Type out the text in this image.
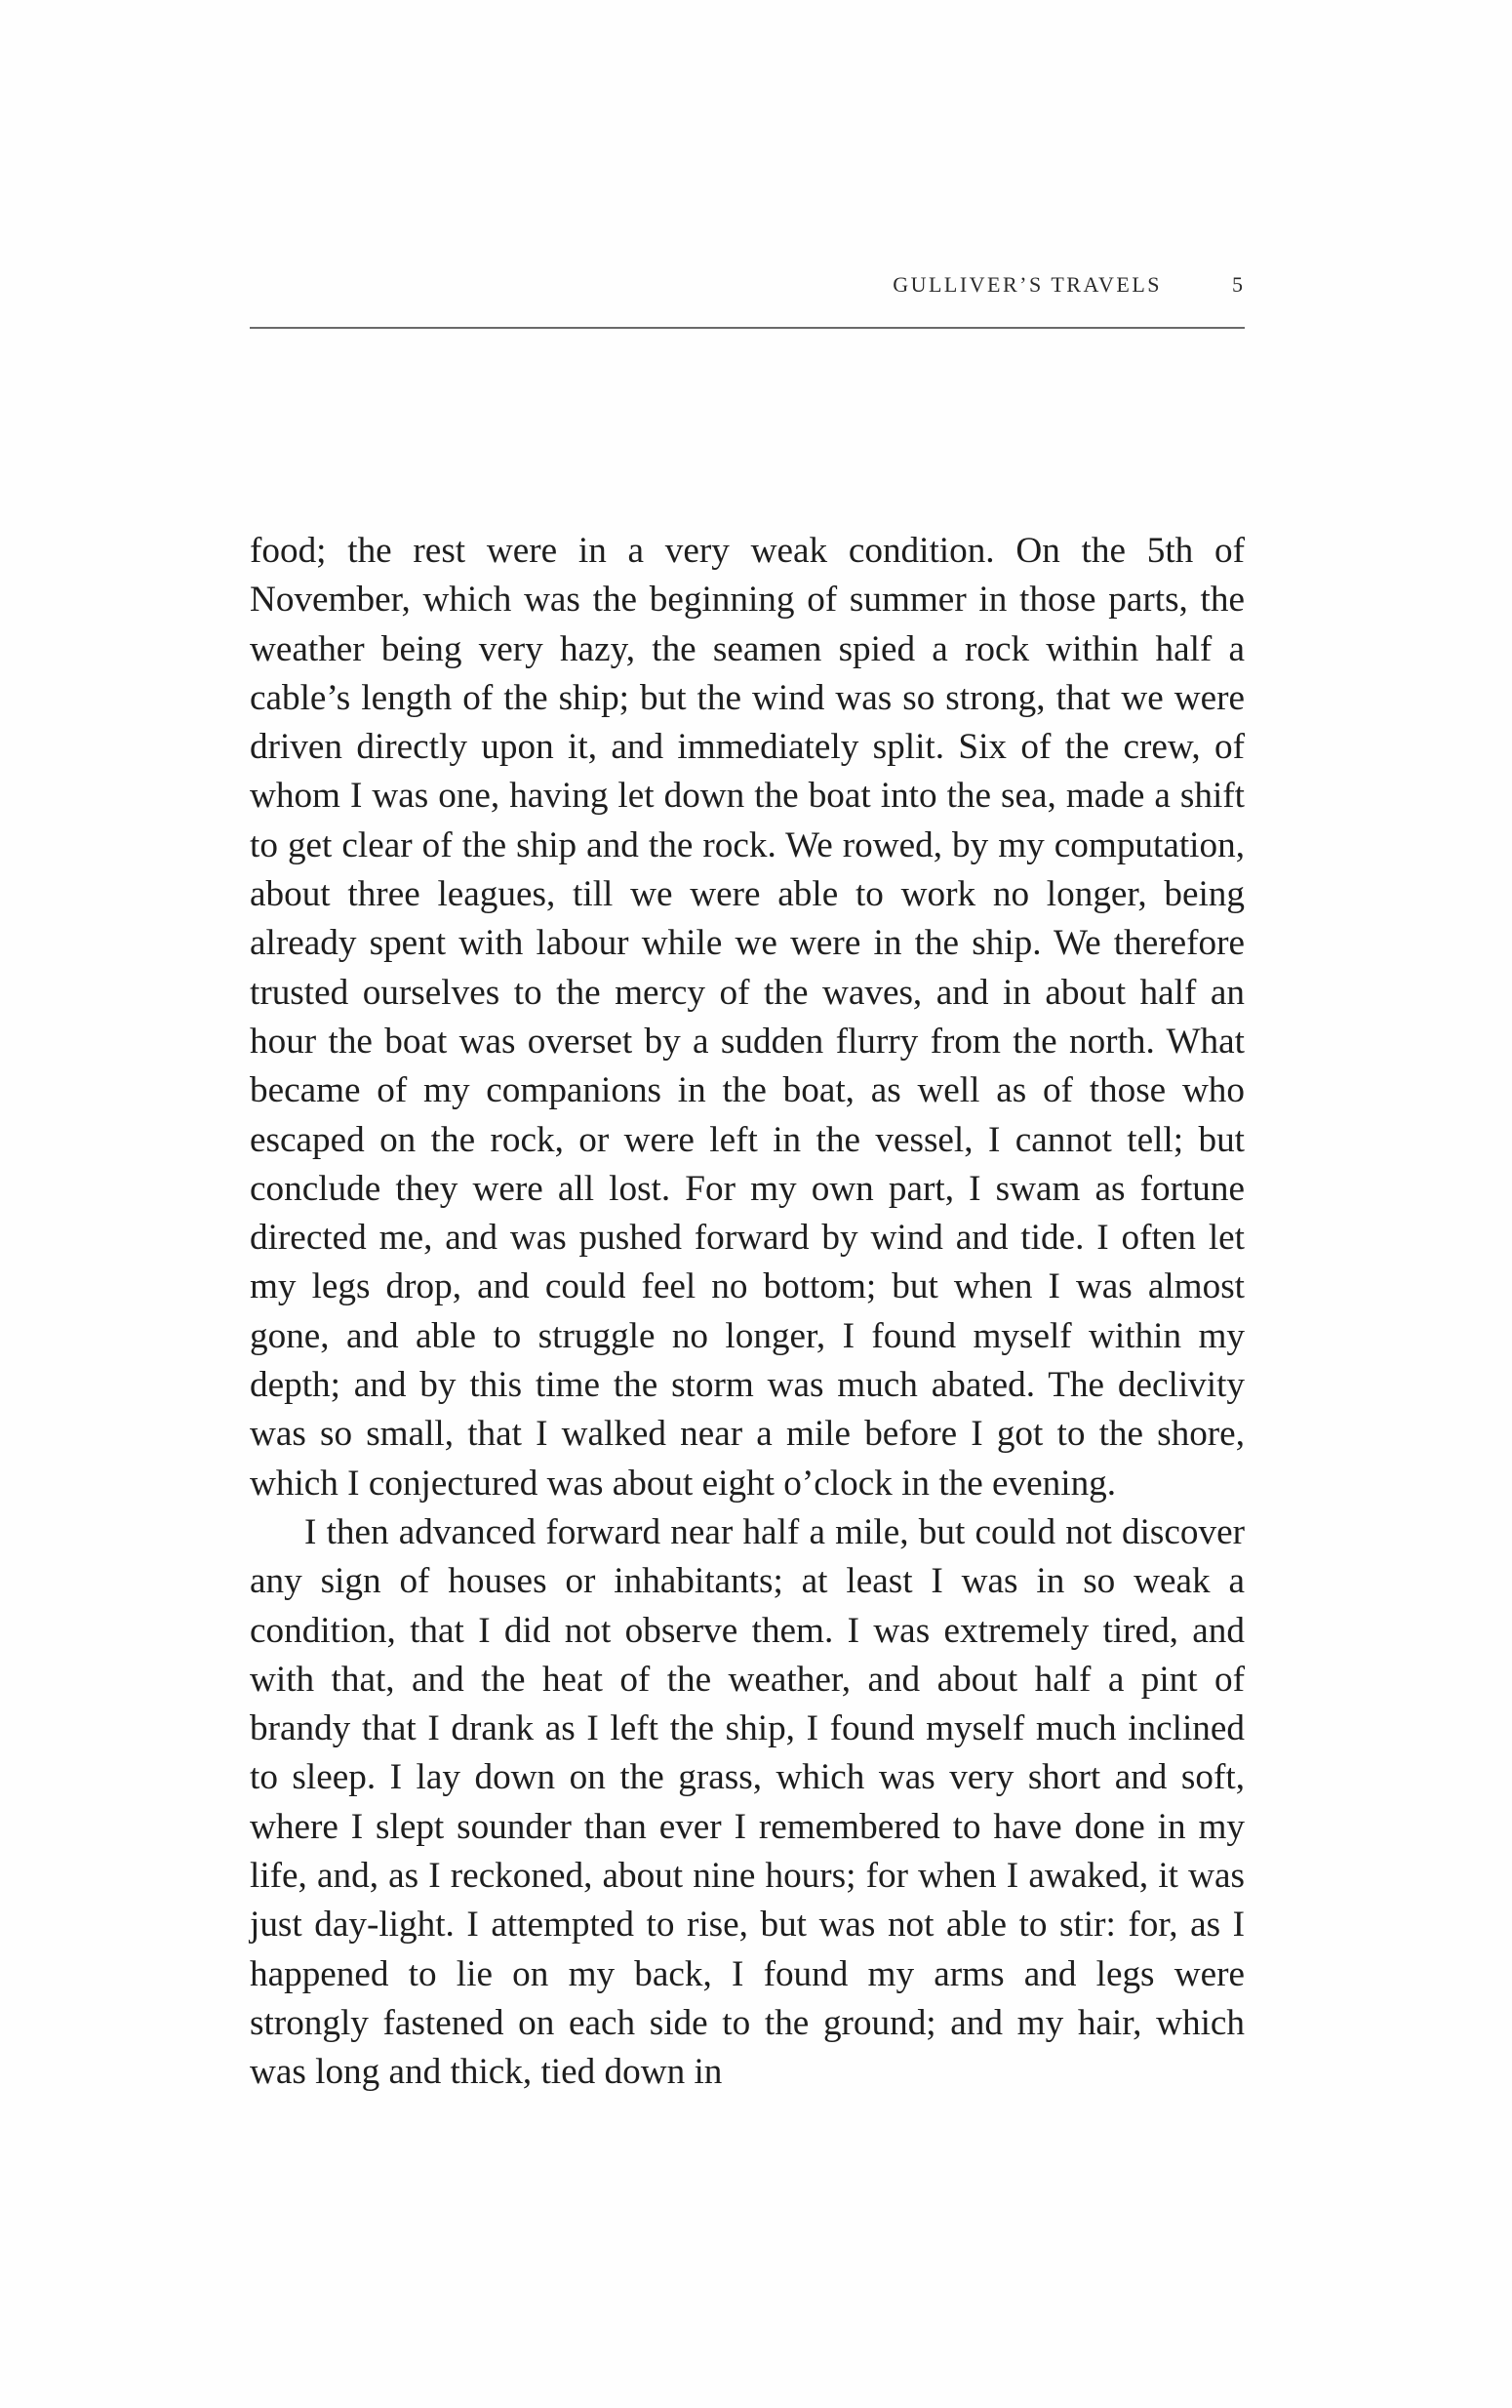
GULLIVER’S TRAVELS	5

food; the rest were in a very weak condition. On the 5th of November, which was the beginning of summer in those parts, the weather being very hazy, the seamen spied a rock within half a cable’s length of the ship; but the wind was so strong, that we were driven directly upon it, and immediately split. Six of the crew, of whom I was one, having let down the boat into the sea, made a shift to get clear of the ship and the rock. We rowed, by my computation, about three leagues, till we were able to work no longer, being already spent with labour while we were in the ship. We therefore trusted ourselves to the mercy of the waves, and in about half an hour the boat was overset by a sudden flurry from the north. What became of my companions in the boat, as well as of those who escaped on the rock, or were left in the vessel, I cannot tell; but conclude they were all lost. For my own part, I swam as fortune directed me, and was pushed forward by wind and tide. I often let my legs drop, and could feel no bottom; but when I was almost gone, and able to struggle no longer, I found myself within my depth; and by this time the storm was much abated. The declivity was so small, that I walked near a mile before I got to the shore, which I conjectured was about eight o’clock in the evening.

I then advanced forward near half a mile, but could not discover any sign of houses or inhabitants; at least I was in so weak a condition, that I did not observe them. I was extremely tired, and with that, and the heat of the weather, and about half a pint of brandy that I drank as I left the ship, I found myself much inclined to sleep. I lay down on the grass, which was very short and soft, where I slept sounder than ever I remembered to have done in my life, and, as I reckoned, about nine hours; for when I awaked, it was just day-light. I attempted to rise, but was not able to stir: for, as I happened to lie on my back, I found my arms and legs were strongly fastened on each side to the ground; and my hair, which was long and thick, tied down in
